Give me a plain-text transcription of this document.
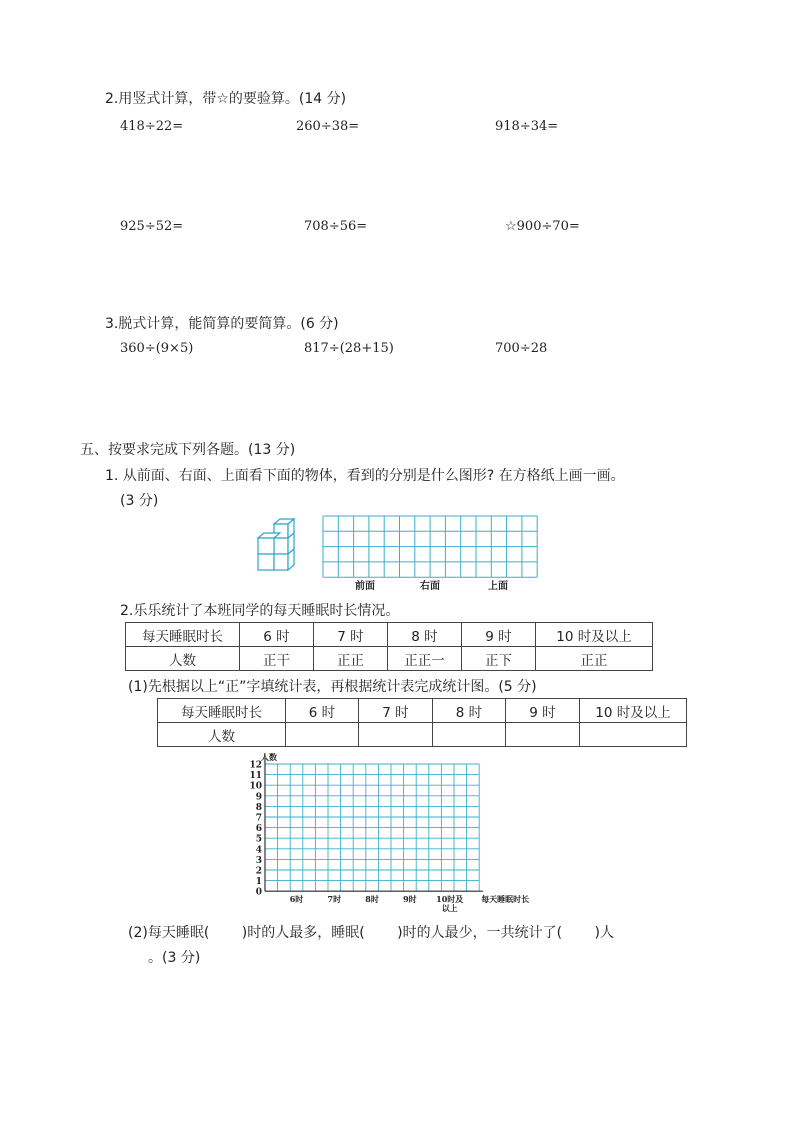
2.用竖式计算，带☆的要验算。(14 分)
418÷22=	260÷38=	918÷34=
925÷52=	708÷56=	☆900÷70=
3.脱式计算，能简算的要简算。(6 分)
360÷(9×5)	817÷(28+15)	700÷28
五、按要求完成下列各题。(13 分)
1. 从前面、右面、上面看下面的物体，看到的分别是什么图形? 在方格纸上画一画。
(3 分)
前面	右面	上面
2.乐乐统计了本班同学的每天睡眠时长情况。
每天睡眠时长	6 时	7 时	8 时	9 时	10 时及以上
人数	正干	正正	正正一	正下	正正
(1)先根据以上“正”字填统计表，再根据统计表完成统计图。(5 分)
每天睡眠时长	6 时	7 时	8 时	9 时	10 时及以上
人数					
0
1
2
3
4
5
6
7
8
9
10
11
12
人数
6时	7时	8时	9时 10时及
以上
每天睡眠时长
(2)每天睡眠(　　 )时的人最多，睡眠(　　 )时的人最少，一共统计了(　　 )人
。(3 分)
